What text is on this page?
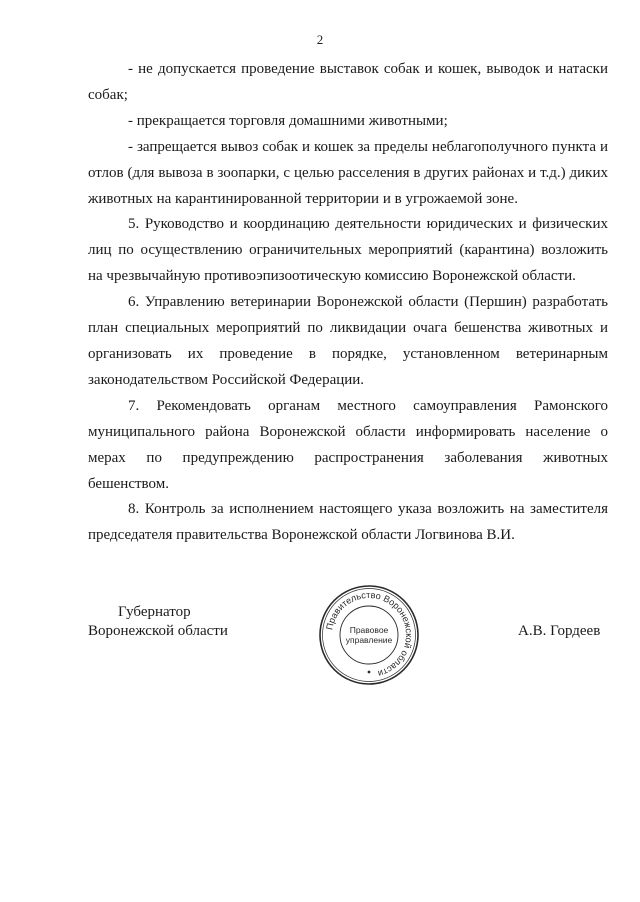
2

- не допускается проведение выставок собак и кошек, выводок и натаски собак;

- прекращается торговля домашними животными;

- запрещается вывоз собак и кошек за пределы неблагополучного пункта и отлов (для вывоза в зоопарки, с целью расселения в других районах и т.д.) диких животных на карантинированной территории и в угрожаемой зоне.

5. Руководство и координацию деятельности юридических и физических лиц по осуществлению ограничительных мероприятий (карантина) возложить на чрезвычайную противоэпизоотическую комиссию Воронежской области.

6. Управлению ветеринарии Воронежской области (Першин) разработать план специальных мероприятий по ликвидации очага бешенства животных и организовать их проведение в порядке, установленном ветеринарным законодательством Российской Федерации.

7. Рекомендовать органам местного самоуправления Рамонского муниципального района Воронежской области информировать население о мерах по предупреждению распространения заболевания животных бешенством.

8. Контроль за исполнением настоящего указа возложить на заместителя председателя правительства Воронежской области Логвинова В.И.

Губернатор
Воронежской области	Правительство Воронежской области
Правовое
управление
А.В. Гордеев
